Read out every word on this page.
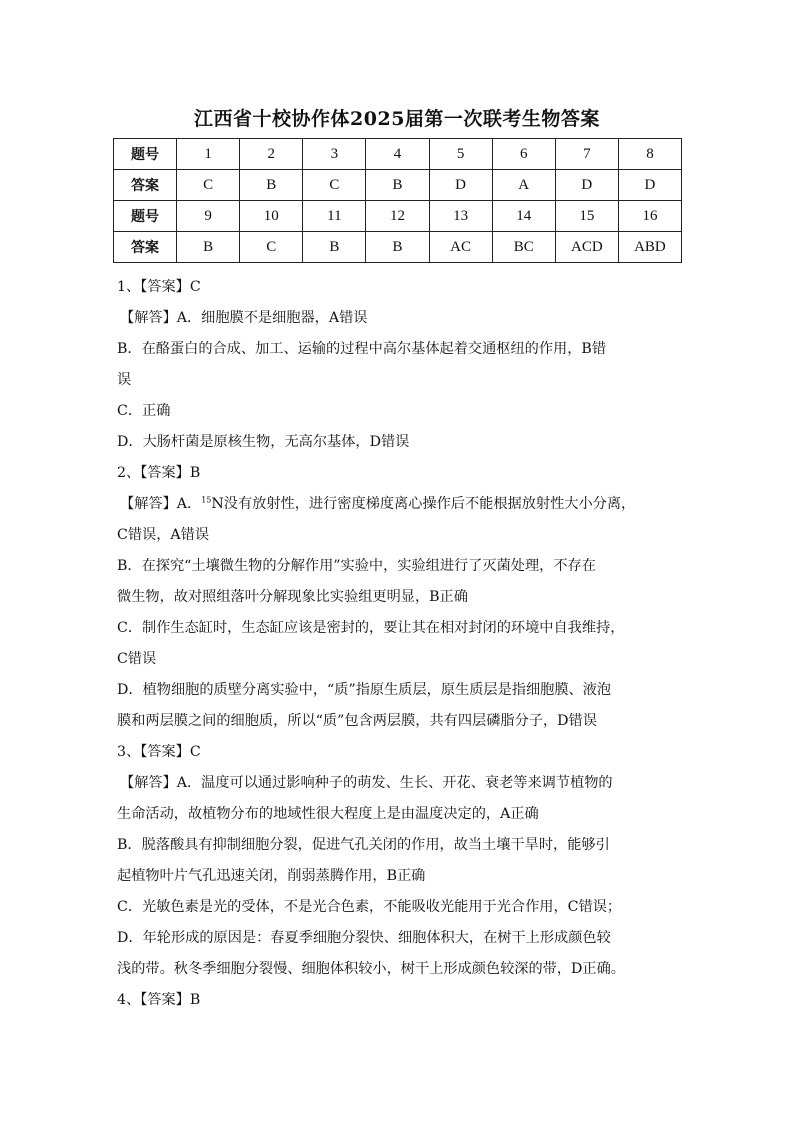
江西省十校协作体2025届第一次联考生物答案
题号	1	2	3	4	5	6	7	8
答案	C	B	C	B	D	A	D	D
题号	9	10	11	12	13	14	15	16
答案	B	C	B	B	AC	BC	ACD	ABD

1、【答案】C

【解答】A．细胞膜不是细胞器，A错误

B．在酪蛋白的合成、加工、运输的过程中高尔基体起着交通枢纽的作用，B错

误

C．正确

D．大肠杆菌是原核生物，无高尔基体，D错误

2、【答案】B

【解答】A．$^{15}$N没有放射性，进行密度梯度离心操作后不能根据放射性大小分离，

C错误，A错误

B．在探究“土壤微生物的分解作用”实验中，实验组进行了灭菌处理，不存在

微生物，故对照组落叶分解现象比实验组更明显，B正确

C．制作生态缸时，生态缸应该是密封的，要让其在相对封闭的环境中自我维持，

C错误

D．植物细胞的质壁分离实验中，“质”指原生质层，原生质层是指细胞膜、液泡

膜和两层膜之间的细胞质，所以“质”包含两层膜，共有四层磷脂分子，D错误

3、【答案】C

【解答】A．温度可以通过影响种子的萌发、生长、开花、衰老等来调节植物的

生命活动，故植物分布的地域性很大程度上是由温度决定的，A正确

B．脱落酸具有抑制细胞分裂，促进气孔关闭的作用，故当土壤干旱时，能够引

起植物叶片气孔迅速关闭，削弱蒸腾作用，B正确

C．光敏色素是光的受体，不是光合色素，不能吸收光能用于光合作用，C错误；

D．年轮形成的原因是：春夏季细胞分裂快、细胞体积大，在树干上形成颜色较

浅的带。秋冬季细胞分裂慢、细胞体积较小，树干上形成颜色较深的带，D正确。

4、【答案】B
